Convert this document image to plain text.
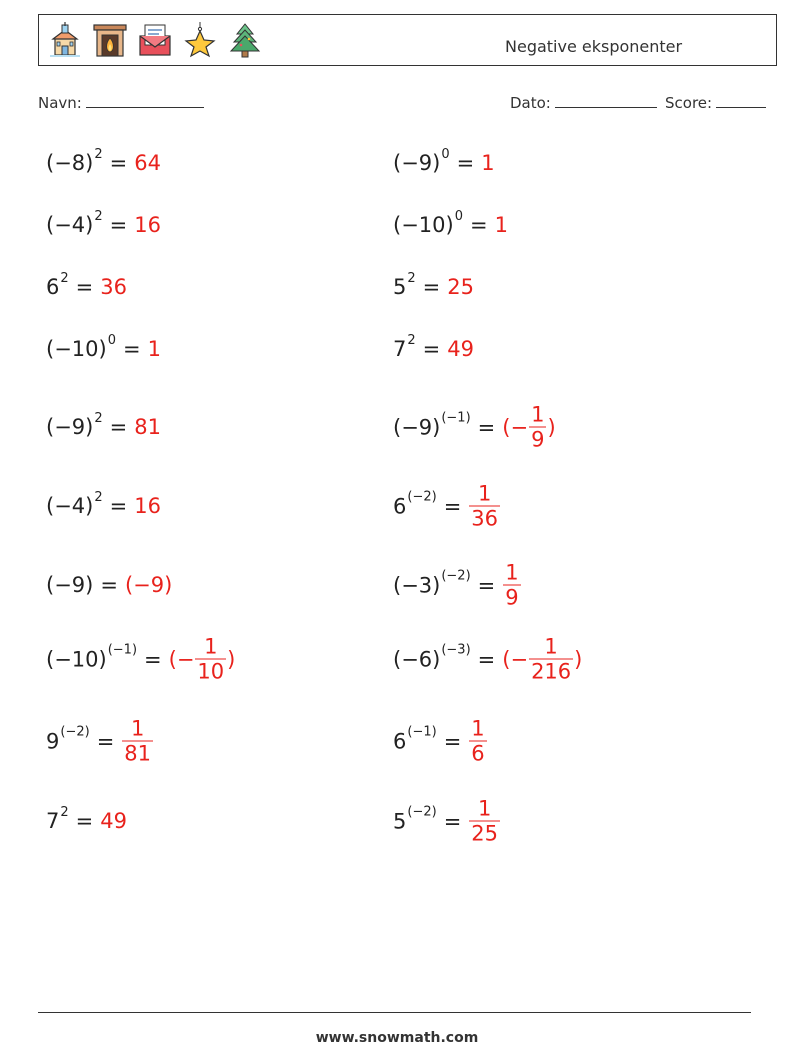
Negative eksponenter
Navn:	Dato:	Score:
$(-8)^2 = 64$	$(-9)^0 = 1$
$(-4)^2 = 16$	$(-10)^0 = 1$
$6^2 = 36$	$5^2 = 25$
$(-10)^0 = 1$	$7^2 = 49$
$(-9)^2 = 81$	$(-9)^{(-1)}$ = (− $\frac{1}{9}$ )
$(-4)^2 = 16$	$6^{(-2)} = \frac{1}{36}$
(−9) = (−9)	$(-3)^{(-2)} = \frac{1}{9}$
$(-10)^{(-1)}$ = (− $\frac{1}{10}$ )	$(-6)^{(-3)}$ = (− $\frac{1}{216}$ )
$9^{(-2)} = \frac{1}{81}$	$6^{(-1)} = \frac{1}{6}$
$7^2 = 49$	$5^{(-2)} = \frac{1}{25}$
www.snowmath.com
